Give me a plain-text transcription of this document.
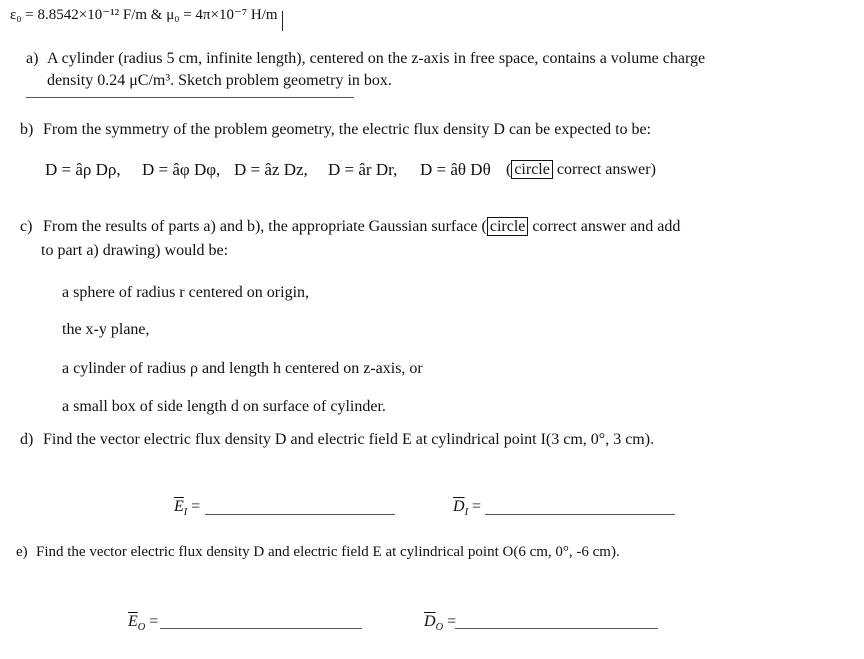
ε₀ = 8.8542×10⁻¹² F/m & μ₀ = 4π×10⁻⁷ H/m
a) A cylinder (radius 5 cm, infinite length), centered on the z-axis in free space, contains a volume charge
density 0.24 μC/m³. Sketch problem geometry in box.
b) From the symmetry of the problem geometry, the electric flux density D can be expected to be:
D = âρ Dρ, D = âφ Dφ, D = âz Dz, D = âr Dr, D = âθ Dθ ( circle correct answer)
c) From the results of parts a) and b), the appropriate Gaussian surface ( circle correct answer and add
to part a) drawing) would be:
a sphere of radius r centered on origin,
the x-y plane,
a cylinder of radius ρ and length h centered on z-axis, or
a small box of side length d on surface of cylinder.
d) Find the vector electric flux density D and electric field E at cylindrical point I(3 cm, 0°, 3 cm).
$\overline{E}_I$ =	$\overline{D}_I$ =
e) Find the vector electric flux density D and electric field E at cylindrical point O(6 cm, 0°, -6 cm).
$\overline{E}_O$ =	$\overline{D}_O$ =
